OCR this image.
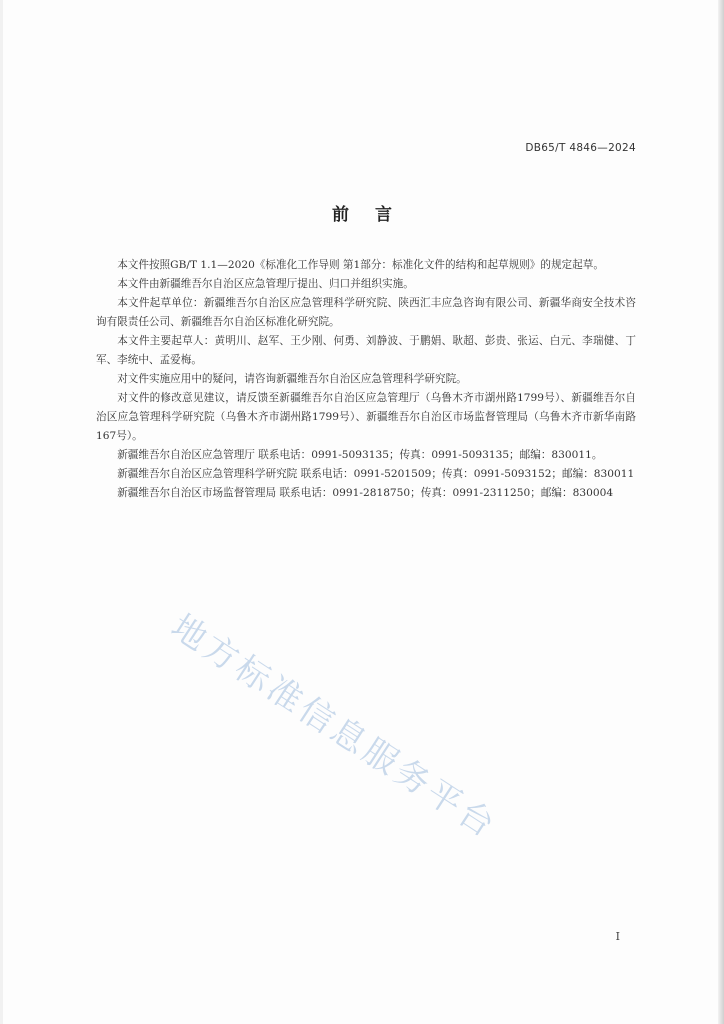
DB65/T 4846—2024
前言

本文件按照GB/T 1.1—2020《标准化工作导则 第1部分：标准化文件的结构和起草规则》的规定起草。

本文件由新疆维吾尔自治区应急管理厅提出、归口并组织实施。

本文件起草单位：新疆维吾尔自治区应急管理科学研究院、陕西汇丰应急咨询有限公司、新疆华商安全技术咨询有限责任公司、新疆维吾尔自治区标准化研究院。

本文件主要起草人：黄明川、赵军、王少刚、何勇、刘静波、于鹏娟、耿超、彭贵、张运、白元、李瑞健、丁军、李统中、孟爱梅。

对文件实施应用中的疑问，请咨询新疆维吾尔自治区应急管理科学研究院。

对文件的修改意见建议，请反馈至新疆维吾尔自治区应急管理厅（乌鲁木齐市湖州路1799号）、新疆维吾尔自治区应急管理科学研究院（乌鲁木齐市湖州路1799号）、新疆维吾尔自治区市场监督管理局（乌鲁木齐市新华南路167号）。

新疆维吾尔自治区应急管理厅 联系电话：0991-5093135；传真：0991-5093135；邮编：830011。

新疆维吾尔自治区应急管理科学研究院 联系电话：0991-5201509；传真：0991-5093152；邮编：830011

新疆维吾尔自治区市场监督管理局 联系电话：0991-2818750；传真：0991-2311250；邮编：830004

地方标准信息服务平台
I
